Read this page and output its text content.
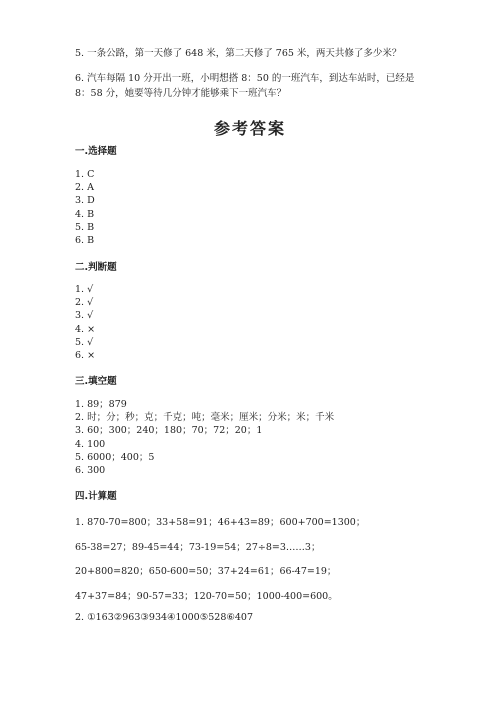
5. 一条公路，第一天修了 648 米，第二天修了 765 米，两天共修了多少米？
6. 汽车每隔 10 分开出一班，小明想搭 8：50 的一班汽车，到达车站时，已经是
8：58 分，她要等待几分钟才能够乘下一班汽车？
参考答案
一.选择题
1. C
2. A
3. D
4. B
5. B
6. B
二.判断题
1. √
2. √
3. √
4. ×
5. √
6. ×
三.填空题
1. 89；879
2. 时；分；秒；克；千克；吨；毫米；厘米；分米；米；千米
3. 60；300；240；180；70；72；20；1
4. 100
5. 6000；400；5
6. 300
四.计算题
1. 870-70=800；33+58=91；46+43=89；600+700=1300；
65-38=27；89-45=44；73-19=54；27÷8=3……3；
20+800=820；650-600=50；37+24=61；66-47=19；
47+37=84；90-57=33；120-70=50；1000-400=600。
2. ①163②963③934④1000⑤528⑥407
